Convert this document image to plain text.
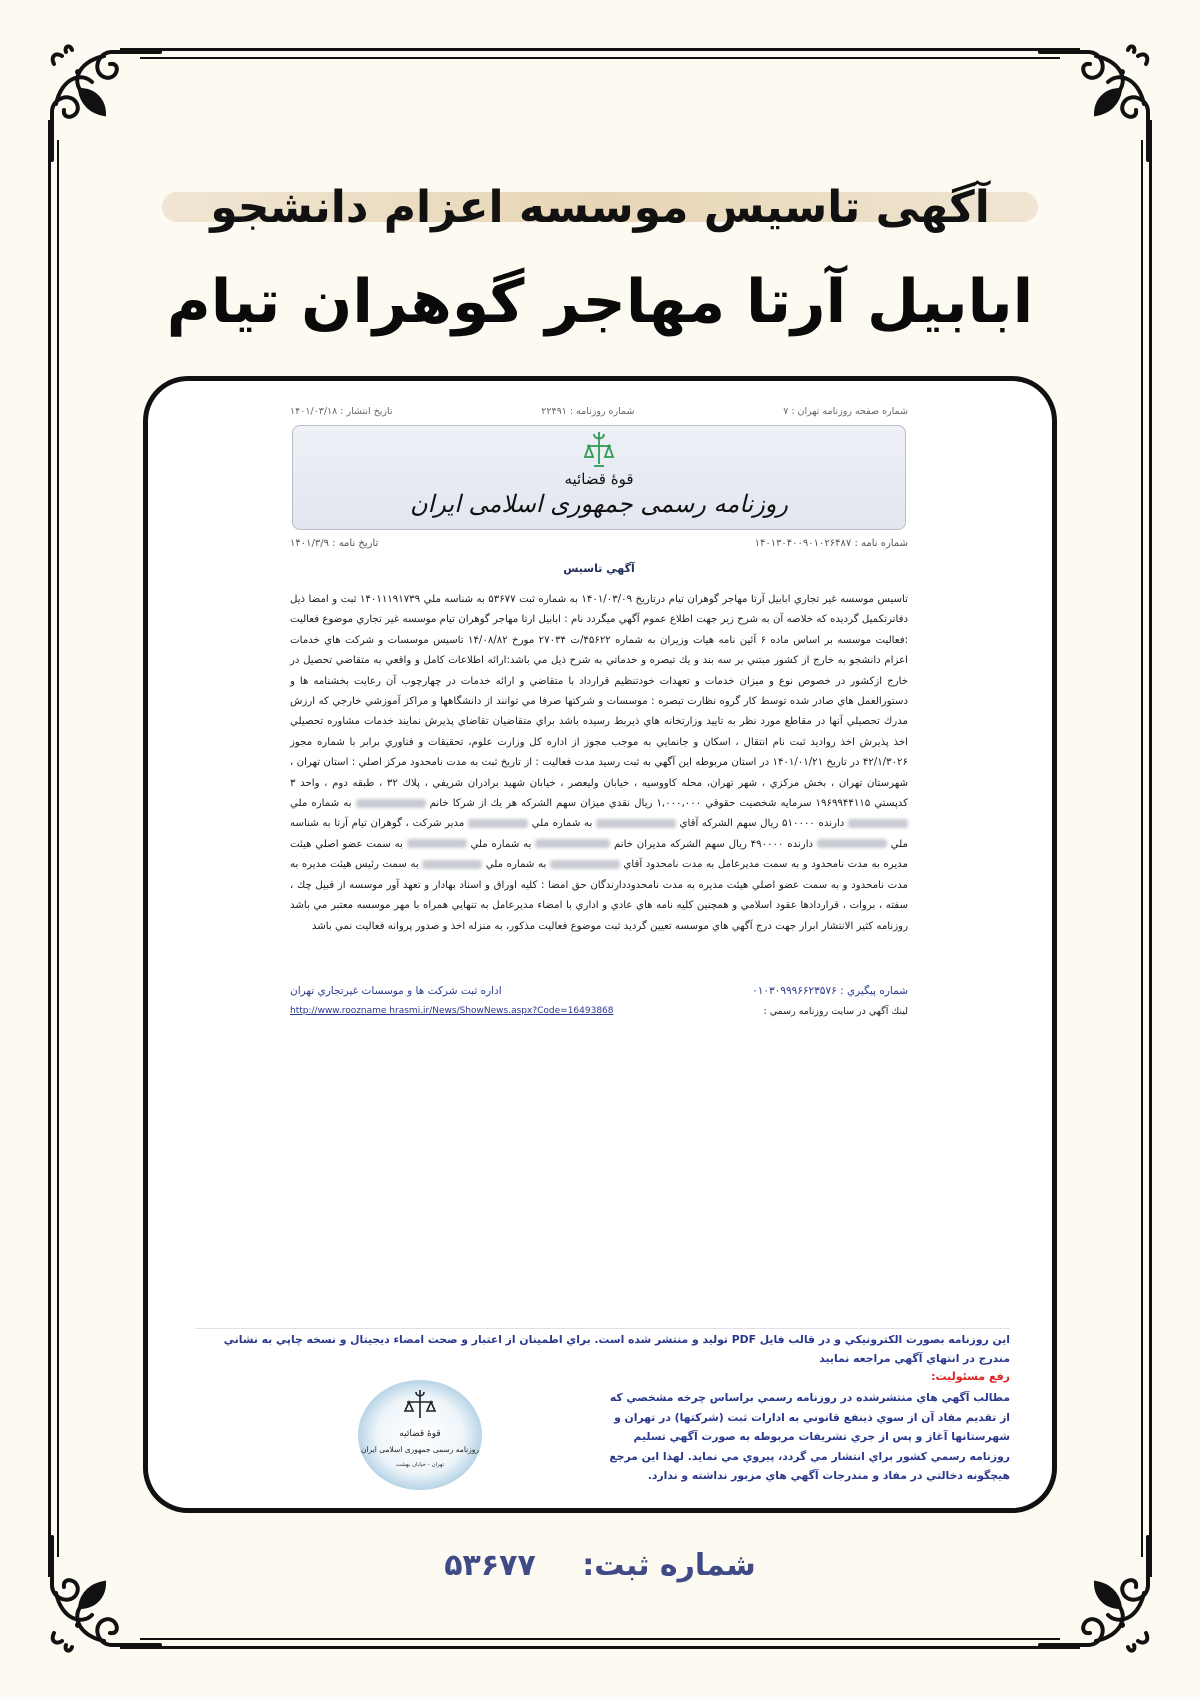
آگهی تاسیس موسسه اعزام دانشجو
ابابیل آرتا مهاجر گوهران تیام
شماره صفحه روزنامه تهران : ۷
شماره روزنامه : ۲۲۴۹۱
تاریخ انتشار : ۱۴۰۱/۰۳/۱۸
قوۀ قضائیه
روزنامه رسمی جمهوری اسلامی ایران
شماره نامه : ۱۴۰۱۳۰۴۰۰۹۰۱۰۲۶۴۸۷
تاریخ نامه : ۱۴۰۱/۳/۹
آگهي تاسيس
تاسيس موسسه غير تجاري ابابيل آرتا مهاجر گوهران تيام درتاريخ ۱۴۰۱/۰۳/۰۹ به شماره ثبت ۵۳۶۷۷ به شناسه ملي ۱۴۰۱۱۱۹۱۷۳۹ ثبت و امضا ذيل دفاترتكميل گرديده كه خلاصه آن به شرح زير جهت اطلاع عموم آگهي ميگردد نام : ابابيل ارتا مهاجر گوهران تيام موسسه غير تجاري موضوع فعاليت :فعاليت موسسه بر اساس ماده ۶ آئين نامه هيات وزيران به شماره ۴۵۶۲۲/ت ۲۷۰۳۴ مورخ ۱۴/۰۸/۸۲ تاسيس موسسات و شركت هاي خدمات اعزام دانشجو به خارج از كشور مبتني بر سه بند و يك تبصره و خدماتي به شرح ذيل مي باشد:ارائه اطلاعات كامل و واقعي به متقاضي تحصيل در خارج ازكشور در خصوص نوع و ميزان خدمات و تعهدات خودتنظيم قرارداد با متقاضي و ارائه خدمات در چهارچوب آن رعايت بخشنامه ها و دستورالعمل هاي صادر شده توسط كار گروه نظارت تبصره : موسسات و شركتها صرفا مي توانند از دانشگاهها و مراكز آموزشي خارجي كه ارزش مدرك تحصيلي آنها در مقاطع مورد نظر به تاييد وزارتخانه هاي ذيربط رسيده باشد براي متقاضيان تقاضاي پذيرش نمايند خدمات مشاوره تحصيلي اخذ پذيرش اخذ رواديد ثبت نام انتقال ، اسكان و جانمايي به موجب مجوز از اداره كل وزارت علوم، تحقيقات و فناوري برابر با شماره مجوز ۴۲/۱/۳۰۲۶ در تاريخ ۱۴۰۱/۰۱/۲۱ در استان مربوطه اين آگهي به ثبت رسيد مدت فعاليت : از تاريخ ثبت به مدت نامحدود مركز اصلي : استان تهران ، شهرستان تهران ، بخش مركزي ، شهر تهران، محله كاووسيه ، خيابان وليعصر ، خيابان شهيد برادران شريفي ، پلاك ۳۲ ، طبقه دوم ، واحد ۳ كدپستي ۱۹۶۹۹۴۴۱۱۵ سرمايه شخصيت حقوقي ۱,۰۰۰,۰۰۰ ريال نقدي ميزان سهم الشركه هر يك از شركا خانم  به شماره ملي  دارنده ۵۱۰۰۰۰ ريال سهم الشركه آقاي  به شماره ملي  مدير شركت ، گوهران تيام آرتا به شناسه ملي  دارنده ۴۹۰۰۰۰ ريال سهم الشركه مديران خانم  به شماره ملي  به سمت عضو اصلي هيئت مديره به مدت نامحدود و به سمت مديرعامل به مدت نامحدود آقاي  به شماره ملي  به سمت رئيس هيئت مديره به مدت نامحدود و به سمت عضو اصلي هيئت مديره به مدت نامحدوددارندگان حق امضا : كليه اوراق و اسناد بهادار و تعهد آور موسسه از قبيل چك ، سفته ، بروات ، قراردادها عقود اسلامي و همچنين كليه نامه هاي عادي و اداري با امضاء مديرعامل به تنهايي همراه با مهر موسسه معتبر مي باشد روزنامه كثير الانتشار ابرار جهت درج آگهي هاي موسسه تعيين گرديد ثبت موضوع فعاليت مذكور، به منزله اخذ و صدور پروانه فعاليت نمي باشد
شماره پيگيري : ۰۱۰۳۰۹۹۹۶۶۲۳۵۷۶
اداره ثبت شركت ها و موسسات غيرتجاري تهران
لينك آگهي در سايت روزنامه رسمي :
http://www.roozname hrasmi.ir/News/ShowNews.aspx?Code=16493868
اين روزنامه بصورت الكترونيكي و در قالب فايل PDF توليد و منتشر شده است. براي اطمينان از اعتبار و صحت امضاء ديجيتال و نسخه چاپي به نشاني مندرج در انتهاي آگهي مراجعه نماييد
رفع مسئوليت:
مطالب آگهي هاي منتشرشده در روزنامه رسمي براساس چرخه مشخصي كه از تقديم مفاد آن از سوي ذينفع قانوني به ادارات ثبت (شركتها) در تهران و شهرستانها آغاز و پس از جري تشريفات مربوطه به صورت آگهي تسليم روزنامه رسمي كشور براي انتشار مي گردد، پيروي مي نمايد. لهذا اين مرجع هيچگونه دخالتي در مفاد و مندرجات آگهي هاي مزبور نداشته و ندارد.
قوۀ قضائیه
روزنامه رسمی جمهوری اسلامی ایران
تهران - خیابان بهشت
شماره ثبت: ۵۳۶۷۷
